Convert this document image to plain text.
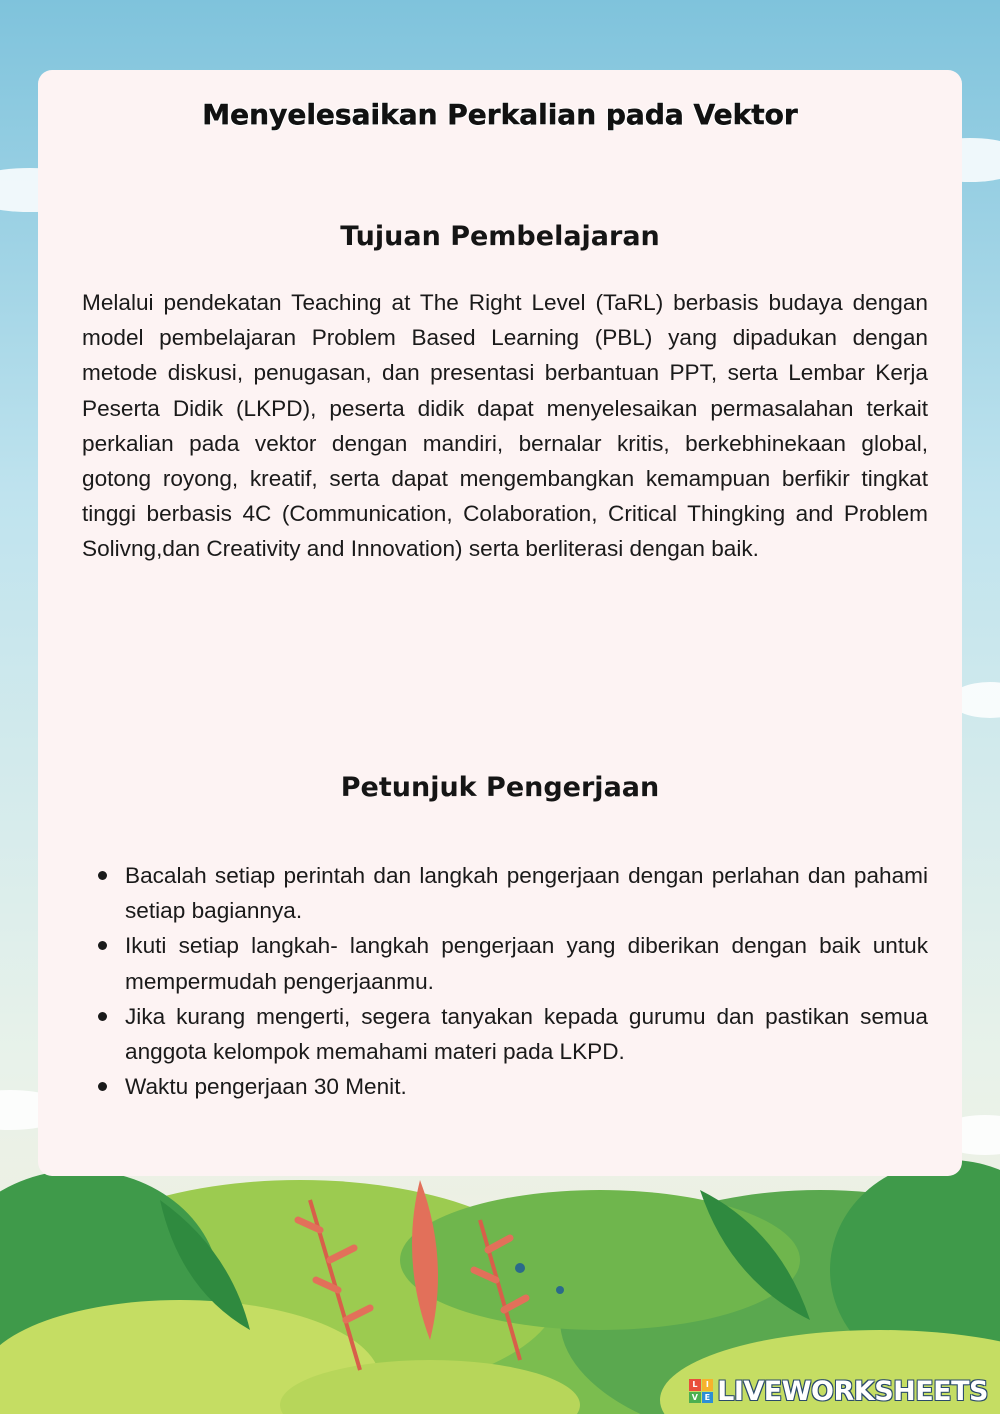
Menyelesaikan Perkalian pada Vektor
Tujuan Pembelajaran

Melalui pendekatan Teaching at The Right Level (TaRL) berbasis budaya dengan model pembelajaran Problem Based Learning (PBL) yang dipadukan dengan metode diskusi, penugasan, dan presentasi berbantuan PPT, serta Lembar Kerja Peserta Didik (LKPD), peserta didik dapat menyelesaikan permasalahan terkait perkalian pada vektor dengan mandiri, bernalar kritis, berkebhinekaan global, gotong royong, kreatif, serta dapat mengembangkan kemampuan berfikir tingkat tinggi berbasis 4C (Communication, Colaboration, Critical Thingking and Problem Solivng,dan Creativity and Innovation) serta berliterasi dengan baik.

Petunjuk Pengerjaan
Bacalah setiap perintah dan langkah pengerjaan dengan perlahan dan pahami setiap bagiannya.
Ikuti setiap langkah- langkah pengerjaan yang diberikan dengan baik untuk mempermudah pengerjaanmu.
Jika kurang mengerti, segera tanyakan kepada gurumu dan pastikan semua anggota kelompok memahami materi pada LKPD.
Waktu pengerjaan 30 Menit.
L	I
V E LIVEWORKSHEETS
